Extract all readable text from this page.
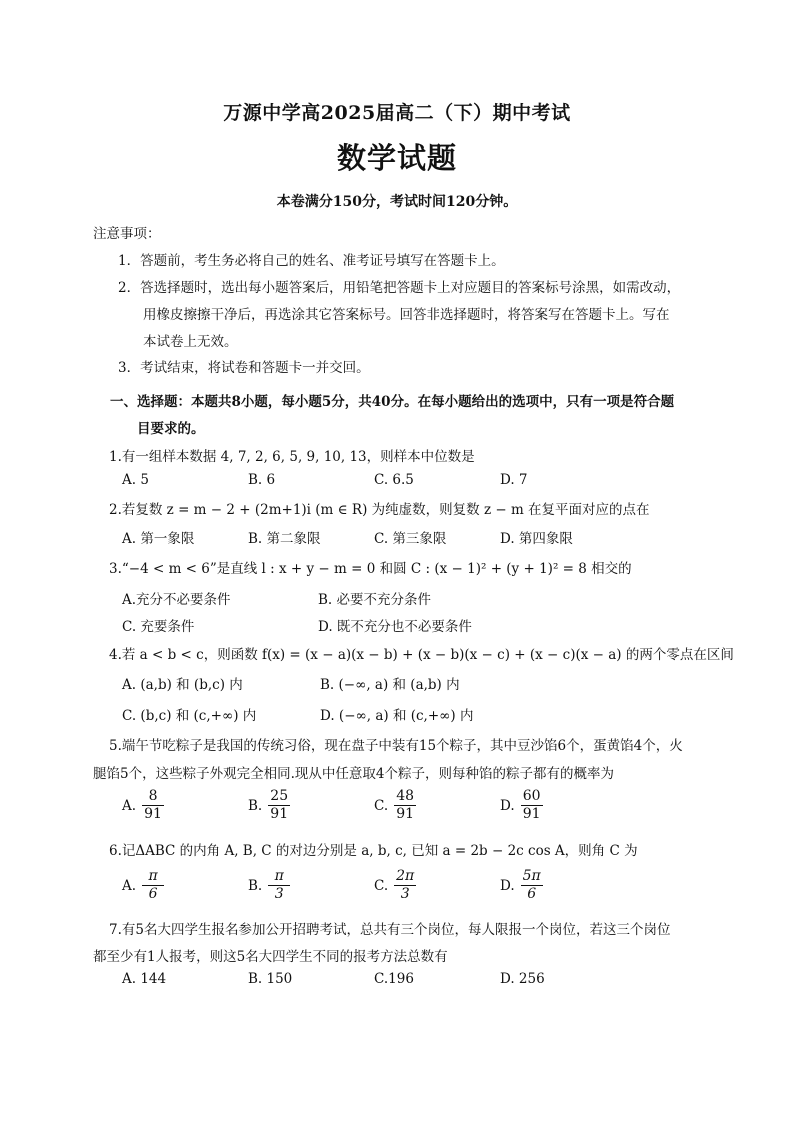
万源中学高2025届高二（下）期中考试
数学试题
本卷满分150分，考试时间120分钟。
注意事项：
1．答题前，考生务必将自己的姓名、准考证号填写在答题卡上。
2．答选择题时，选出每小题答案后，用铅笔把答题卡上对应题目的答案标号涂黑，如需改动，
用橡皮擦擦干净后，再选涂其它答案标号。回答非选择题时，将答案写在答题卡上。写在
本试卷上无效。
3．考试结束，将试卷和答题卡一并交回。
一、选择题：本题共8小题，每小题5分，共40分。在每小题给出的选项中，只有一项是符合题
目要求的。
1.有一组样本数据 4, 7, 2, 6, 5, 9, 10, 13，则样本中位数是
A. 5	B. 6	C. 6.5	D. 7
2.若复数 z = m − 2 + (2m+1)i (m ∈ R) 为纯虚数，则复数 z − m 在复平面对应的点在
A. 第一象限	B. 第二象限	C. 第三象限	D. 第四象限
3.“−4 < m < 6”是直线 l : x + y − m = 0 和圆 C : (x − 1)² + (y + 1)² = 8 相交的
A.充分不必要条件	B. 必要不充分条件
C. 充要条件	D. 既不充分也不必要条件
4.若 a < b < c，则函数 f(x) = (x − a)(x − b) + (x − b)(x − c) + (x − c)(x − a) 的两个零点在区间
A. (a,b) 和 (b,c) 内	B. (−∞, a) 和 (a,b) 内
C. (b,c) 和 (c,+∞) 内	D. (−∞, a) 和 (c,+∞) 内
5.端午节吃粽子是我国的传统习俗，现在盘子中装有15个粽子，其中豆沙馅6个，蛋黄馅4个，火
腿馅5个，这些粽子外观完全相同.现从中任意取4个粽子，则每种馅的粽子都有的概率为
A. $\frac{8}{91}$	B. $\frac{25}{91}$	C. $\frac{48}{91}$	D. $\frac{60}{91}$
6.记ΔABC 的内角 A, B, C 的对边分别是 a, b, c, 已知 a = 2b − 2c cos A，则角 C 为
A. $\frac{\pi}{6}$	B. $\frac{\pi}{3}$	C. $\frac{2\pi}{3}$	D. $\frac{5\pi}{6}$
7.有5名大四学生报名参加公开招聘考试，总共有三个岗位，每人限报一个岗位，若这三个岗位
都至少有1人报考，则这5名大四学生不同的报考方法总数有
A. 144	B. 150	C.196	D. 256
